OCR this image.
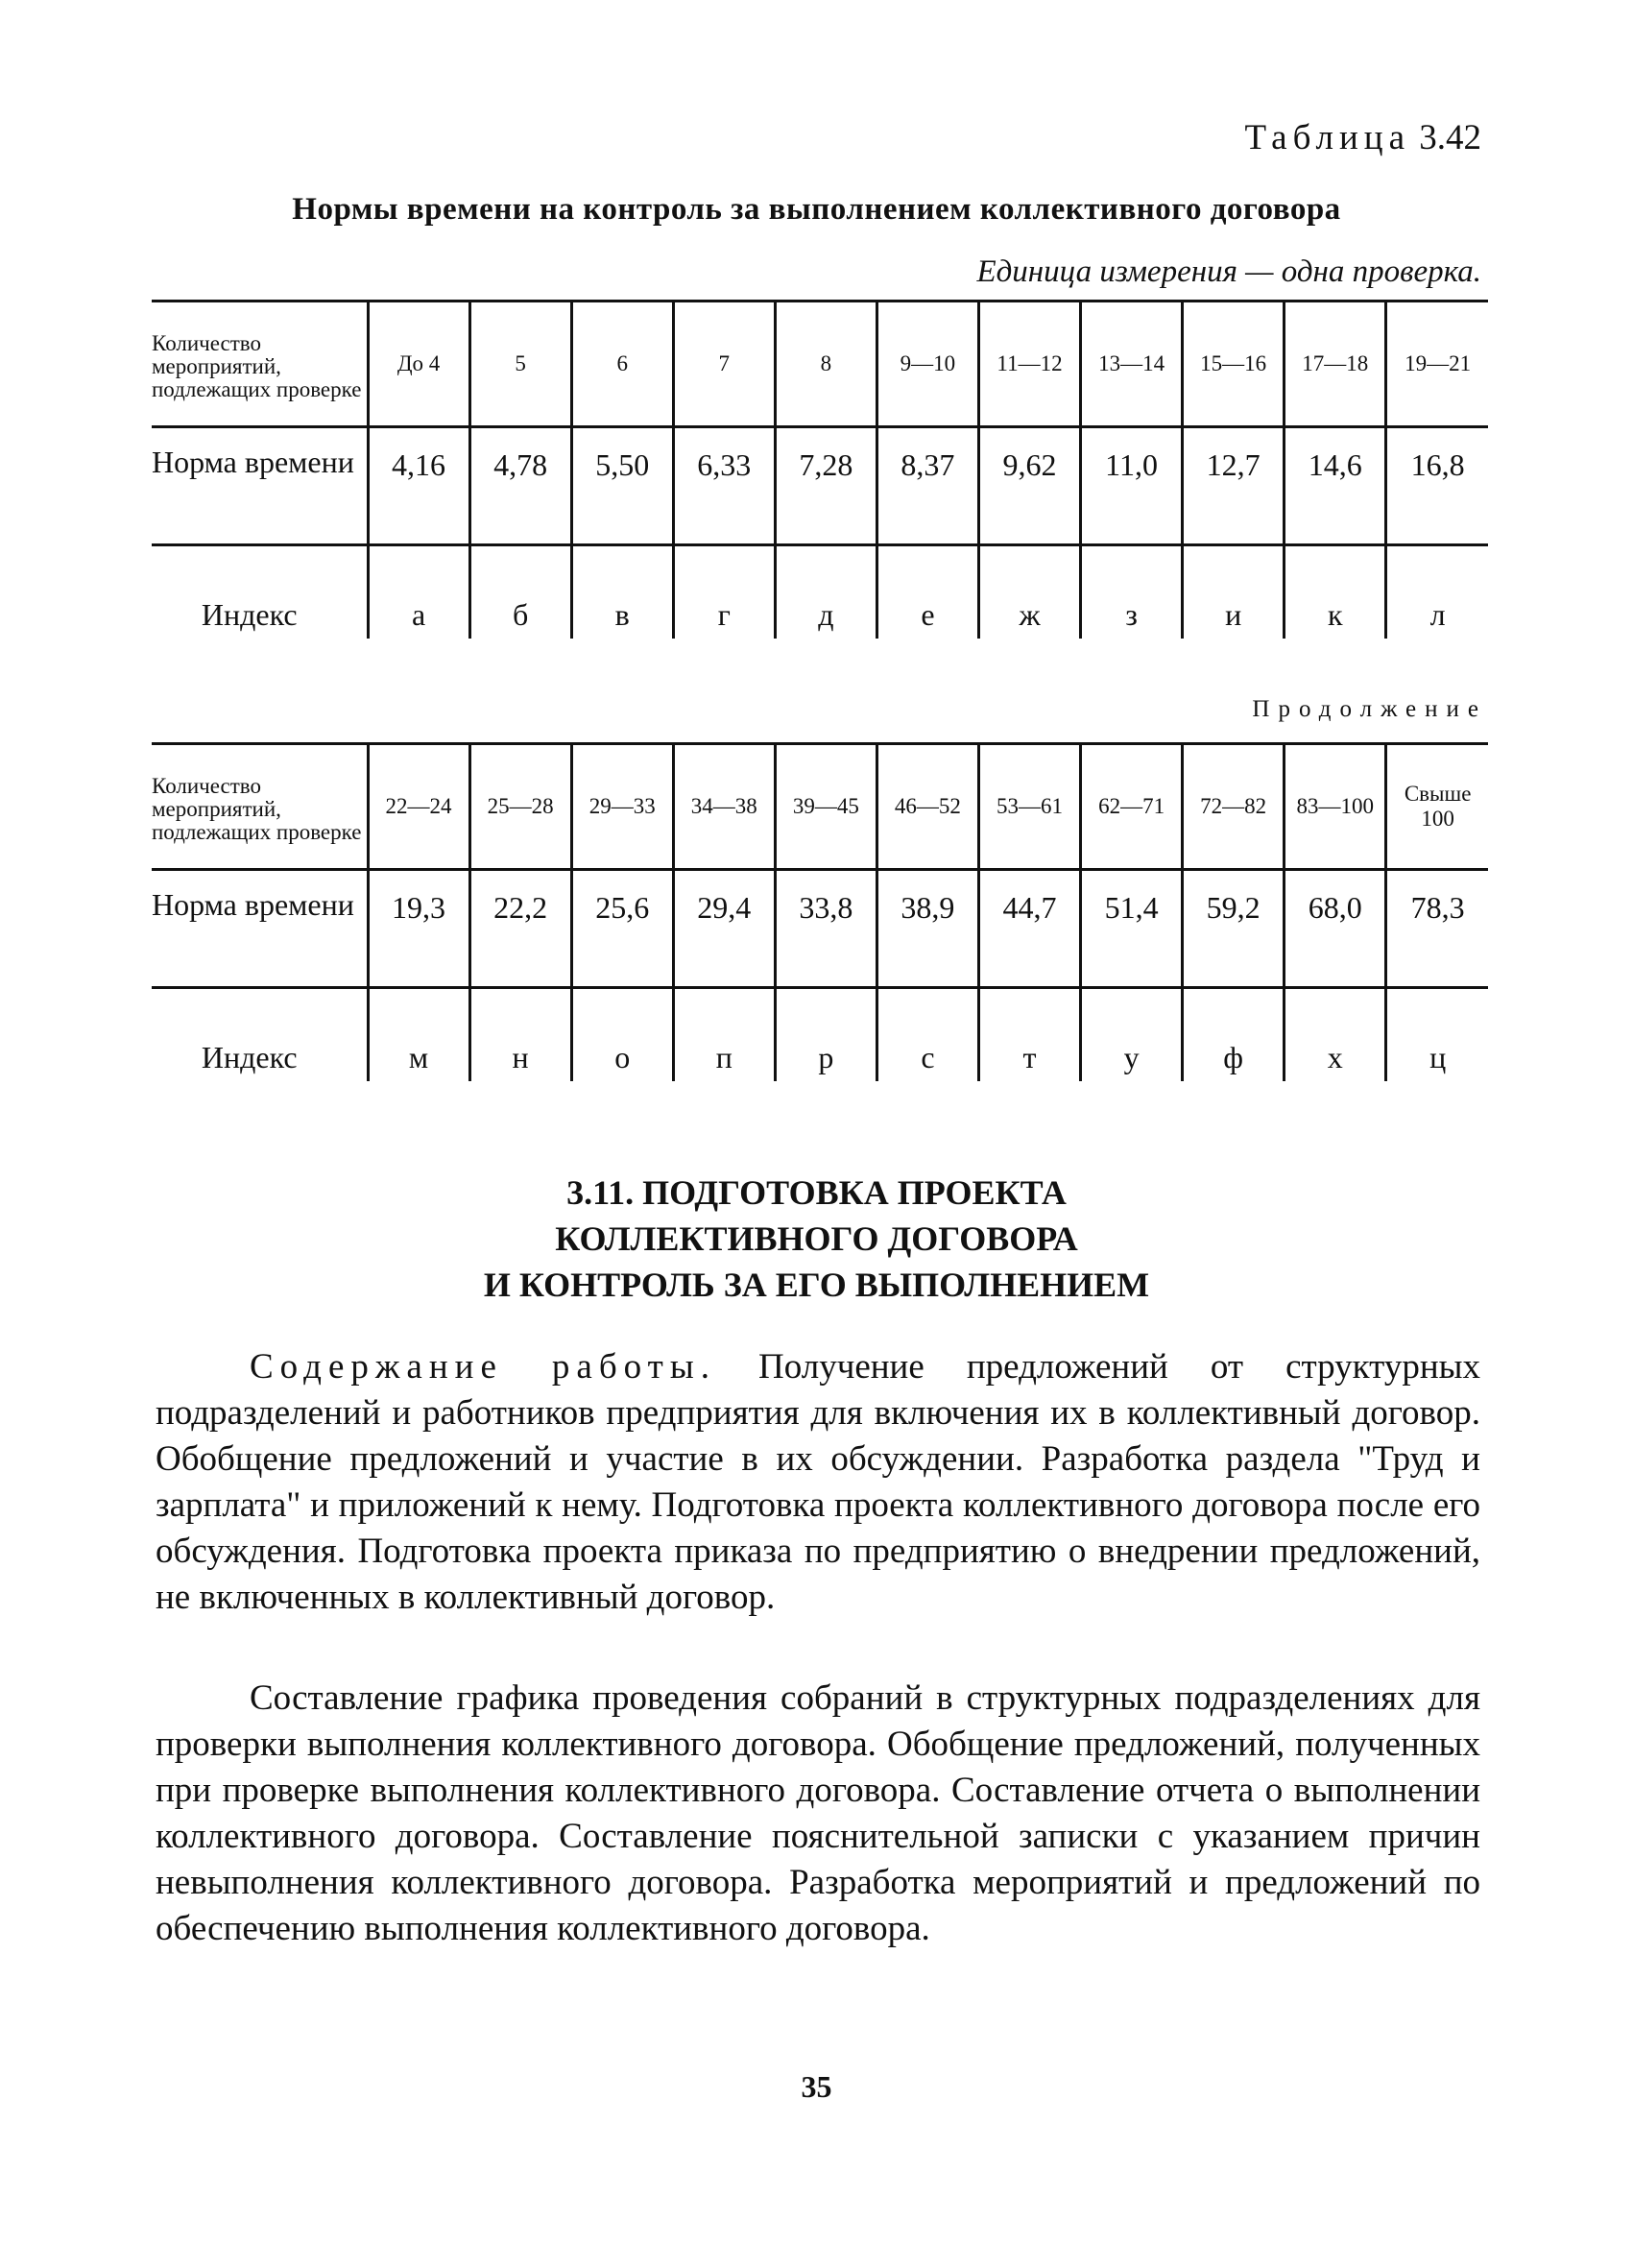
Таблица 3.42
Нормы времени на контроль за выполнением коллективного договора
Единица измерения — одна проверка.
Количество мероприятий, подлежащих проверке	До 4	5	6	7	8	9—10	11—12	13—14	15—16	17—18	19—21

Норма времени	4,16	4,78	5,50	6,33	7,28	8,37	9,62	11,0	12,7	14,6	16,8
Индекс	а	б	в	г	д	е	ж	з	и	к	л
Продолжение
Количество мероприятий, подлежащих проверке	22—24	25—28	29—33	34—38	39—45	46—52	53—61	62—71	72—82	83—100	Свыше 100

Норма времени	19,3	22,2	25,6	29,4	33,8	38,9	44,7	51,4	59,2	68,0	78,3
Индекс	м	н	о	п	р	с	т	у	ф	х	ц
3.11. ПОДГОТОВКА ПРОЕКТА
КОЛЛЕКТИВНОГО ДОГОВОРА
И КОНТРОЛЬ ЗА ЕГО ВЫПОЛНЕНИЕМ
Содержание работы. Получение предложений от структурных подразделений и работников предприятия для включения их в коллективный договор. Обобщение предложений и участие в их обсуждении. Разработка раздела "Труд и зарплата" и приложений к нему. Подготовка проекта коллективного договора после его обсуждения. Подготовка проекта приказа по предприятию о внедрении предложений, не включенных в коллективный договор.
Составление графика проведения собраний в структурных подразделениях для проверки выполнения коллективного договора. Обобщение предложений, полученных при проверке выполнения коллективного договора. Составление отчета о выполнении коллективного договора. Составление пояснительной записки с указанием причин невыполнения коллективного договора. Разработка мероприятий и предложений по обеспечению выполнения коллективного договора.
35
